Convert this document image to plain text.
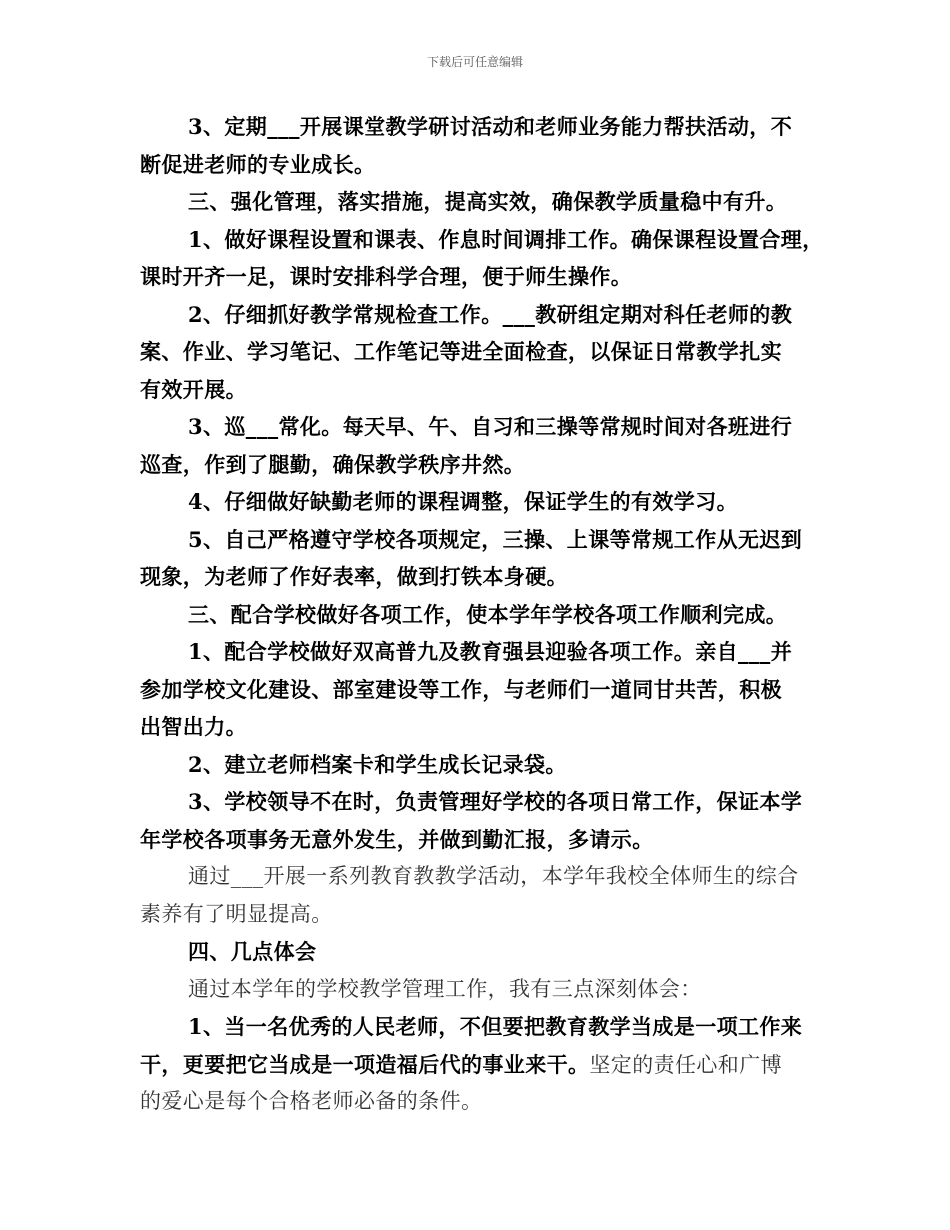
下载后可任意编辑
3、定期___开展课堂教学研讨活动和老师业务能力帮扶活动，不
断促进老师的专业成长。
三、强化管理，落实措施，提高实效，确保教学质量稳中有升。
1、做好课程设置和课表、作息时间调排工作。确保课程设置合理，
课时开齐一足，课时安排科学合理，便于师生操作。
2、仔细抓好教学常规检查工作。___教研组定期对科任老师的教
案、作业、学习笔记、工作笔记等进全面检查，以保证日常教学扎实
有效开展。
3、巡___常化。每天早、午、自习和三操等常规时间对各班进行
巡查，作到了腿勤，确保教学秩序井然。
4、仔细做好缺勤老师的课程调整，保证学生的有效学习。
5、自己严格遵守学校各项规定，三操、上课等常规工作从无迟到
现象，为老师了作好表率，做到打铁本身硬。
三、配合学校做好各项工作，使本学年学校各项工作顺利完成。
1、配合学校做好双高普九及教育强县迎验各项工作。亲自___并
参加学校文化建设、部室建设等工作，与老师们一道同甘共苦，积极
出智出力。
2、建立老师档案卡和学生成长记录袋。
3、学校领导不在时，负责管理好学校的各项日常工作，保证本学
年学校各项事务无意外发生，并做到勤汇报，多请示。
通过___开展一系列教育教教学活动，本学年我校全体师生的综合
素养有了明显提高。
四、几点体会
通过本学年的学校教学管理工作，我有三点深刻体会：
1、当一名优秀的人民老师，不但要把教育教学当成是一项工作来
干，更要把它当成是一项造福后代的事业来干。坚定的责任心和广博
的爱心是每个合格老师必备的条件。
